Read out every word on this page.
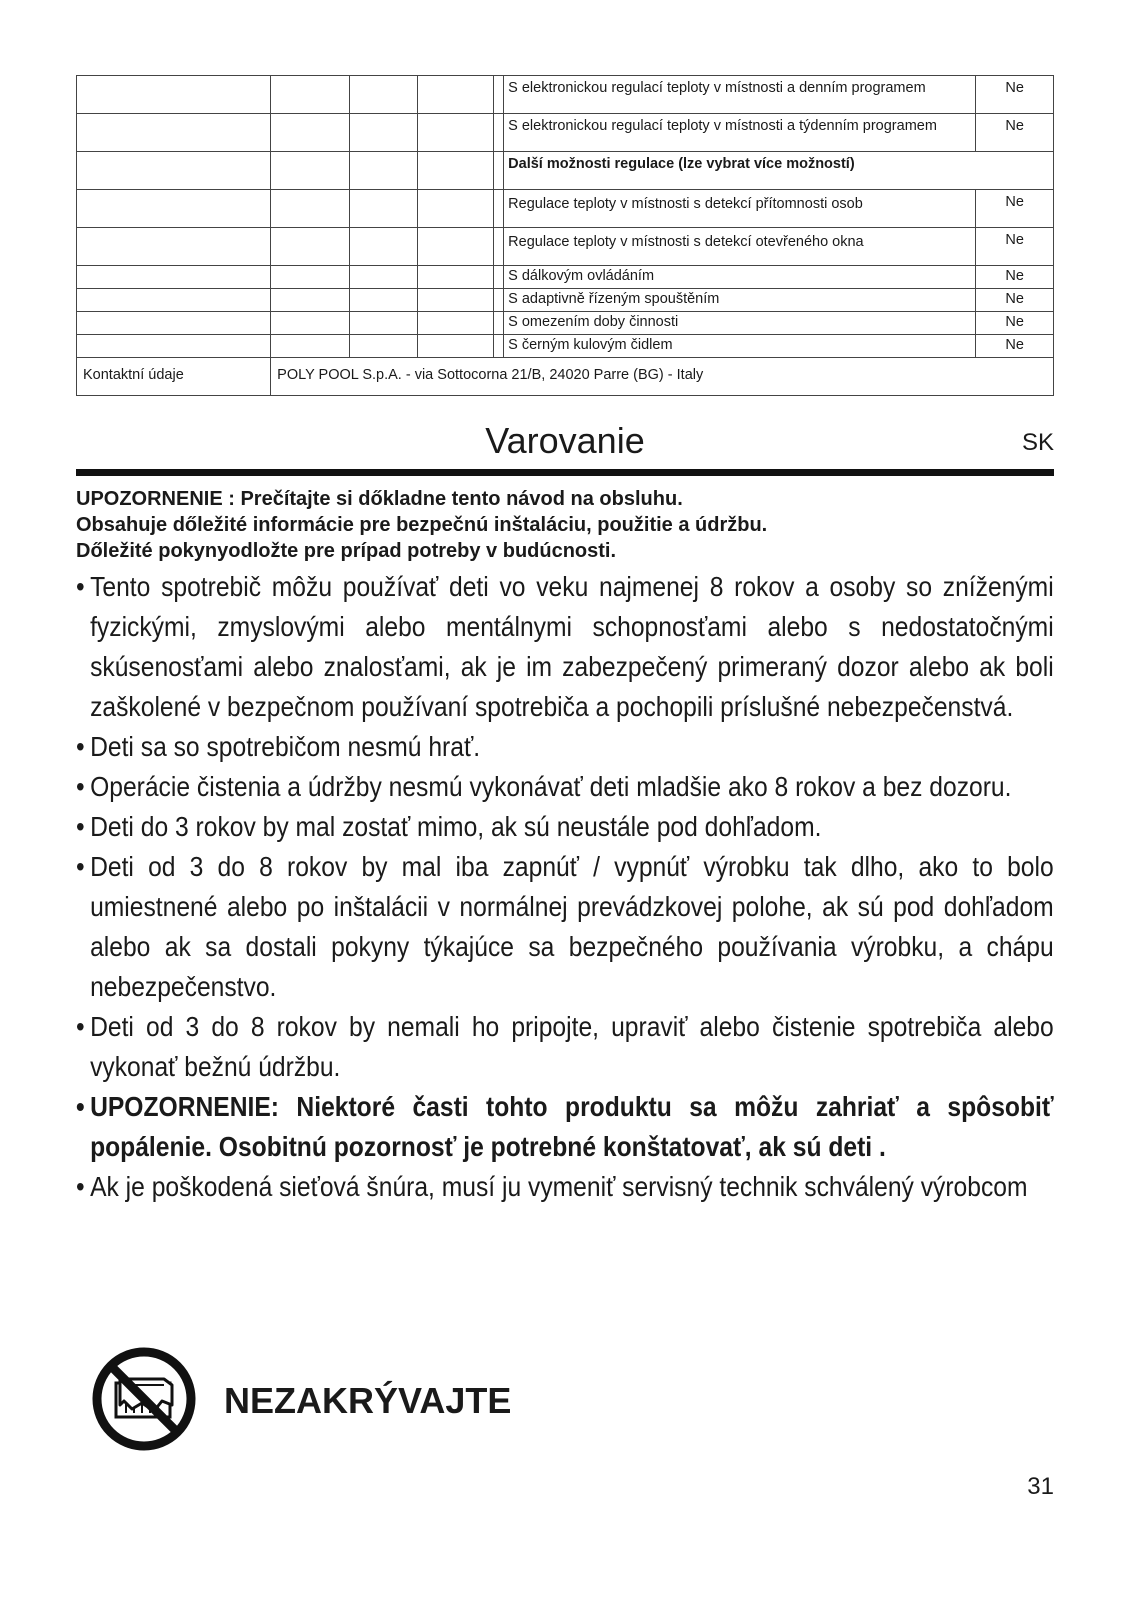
					S elektronickou regulací teploty v místnosti a denním programem	Ne
					S elektronickou regulací teploty v místnosti a týdenním programem	Ne
					Další možnosti regulace (lze vybrat více možností)	
					Regulace teploty v místnosti s detekcí přítomnosti osob	Ne
					Regulace teploty v místnosti s detekcí otevřeného okna	Ne
					S dálkovým ovládáním	Ne
					S adaptivně řízeným spouštěním	Ne
					S omezením doby činnosti	Ne
					S černým kulovým čidlem	Ne
Kontaktní údaje	POLY POOL S.p.A. - via Sottocorna 21/B, 24020 Parre (BG) - Italy					
Varovanie	SK
UPOZORNENIE : Prečítajte si dőkladne tento návod na obsluhu.
Obsahuje dőležité informácie pre bezpečnú inštaláciu, použitie a údržbu.
Dőležité pokynyodložte pre prípad potreby v budúcnosti.
• Tento spotrebič môžu používať deti vo veku najmenej 8 rokov a osoby so zníženými fyzickými, zmyslovými alebo mentálnymi schopnosťami alebo s nedostatočnými skúsenosťami alebo znalosťami, ak je im zabezpečený primeraný dozor alebo ak boli zaškolené v bezpečnom používaní spotrebiča a pochopili príslušné nebezpečenstvá.
• Deti sa so spotrebičom nesmú hrať.
• Operácie čistenia a údržby nesmú vykonávať deti mladšie ako 8 rokov a bez dozoru.
• Deti do 3 rokov by mal zostať mimo, ak sú neustále pod dohľadom.
• Deti od 3 do 8 rokov by mal iba zapnúť / vypnúť výrobku tak dlho, ako to bolo umiestnené alebo po inštalácii v normálnej prevádzkovej polohe, ak sú pod dohľadom alebo ak sa dostali pokyny týkajúce sa bezpečného používania výrobku, a chápu nebezpečenstvo.
• Deti od 3 do 8 rokov by nemali ho pripojte, upraviť alebo čistenie spotrebiča alebo vykonať bežnú údržbu.
• UPOZORNENIE: Niektoré časti tohto produktu sa môžu zahriať a spôsobiť popálenie. Osobitnú pozornosť je potrebné konštatovať, ak sú deti .
• Ak je poškodená sieťová šnúra, musí ju vymeniť servisný technik schválený výrobcom
NEZAKRÝVAJTE
31
